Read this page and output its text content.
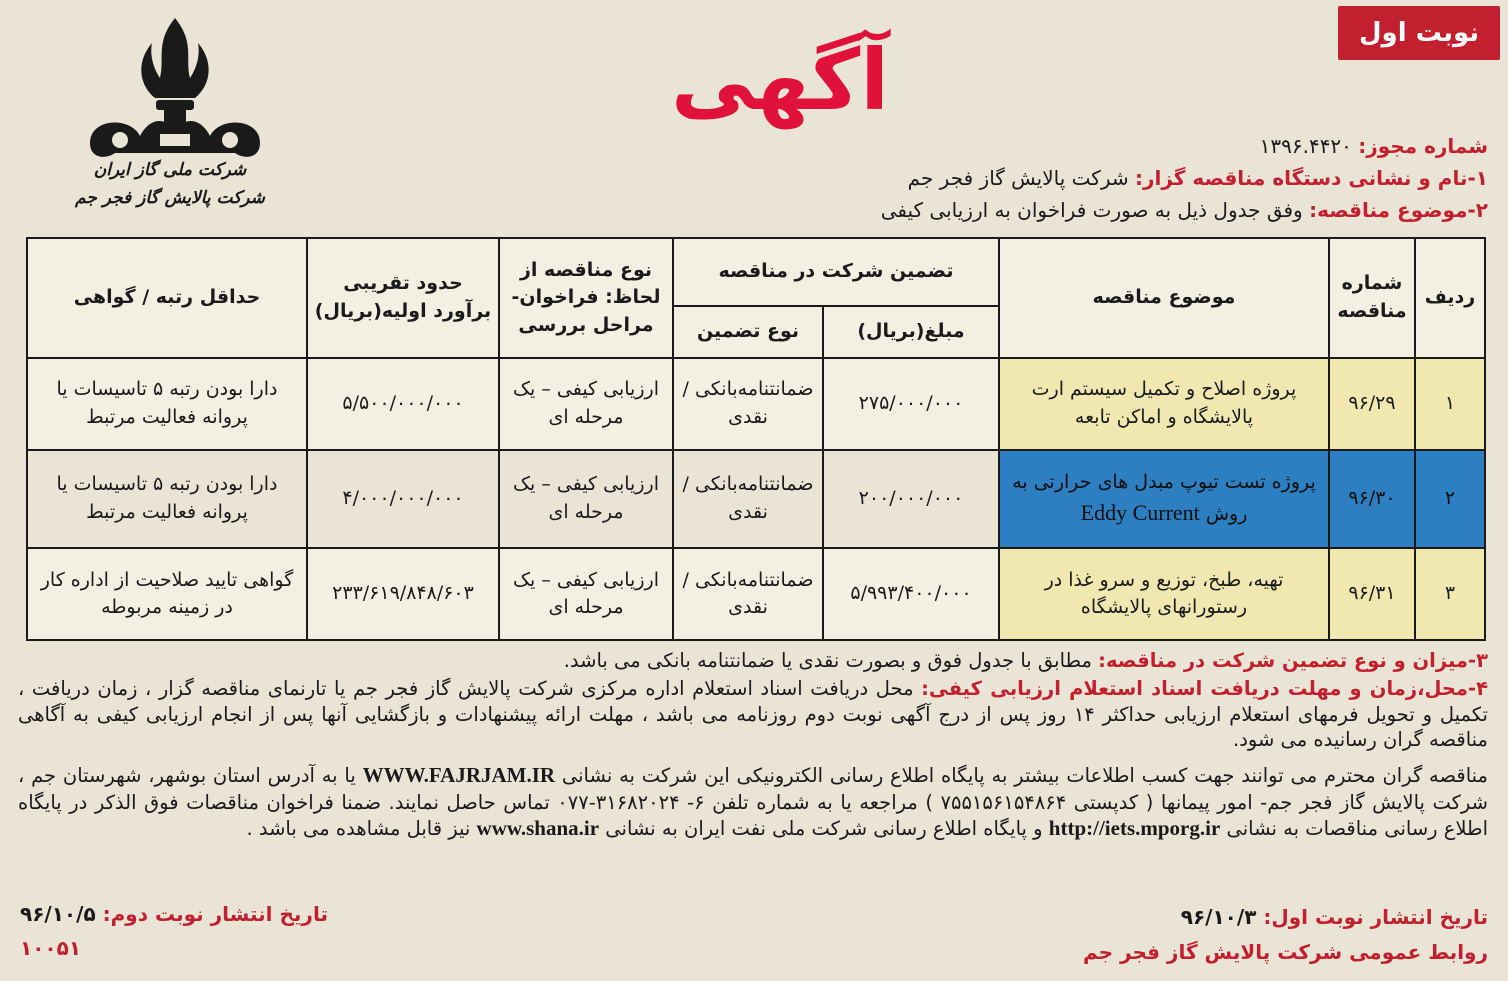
نوبت اول
آگهی
شرکت ملی گاز ایران
شرکت پالایش گاز فجر جم
شماره مجوز: ۱۳۹۶.۴۴۲۰
۱-نام و نشانی دستگاه مناقصه گزار: شرکت پالایش گاز فجر جم
۲-موضوع مناقصه: وفق جدول ذیل به صورت فراخوان به ارزیابی کیفی
ردیف	شماره مناقصه	موضوع مناقصه	تضمین شرکت در مناقصه		نوع مناقصه از لحاظ: فراخوان-مراحل بررسی	حدود تقریبی برآورد اولیه(بریال)	حداقل رتبه / گواهی
			مبلغ(بریال)	نوع تضمین			
۱	۹۶/۲۹	پروژه اصلاح و تکمیل سیستم ارت پالایشگاه و اماکن تابعه	۲۷۵/۰۰۰/۰۰۰	ضمانتنامه‌بانکی / نقدی	ارزیابی کیفی – یک مرحله ای	۵/۵۰۰/۰۰۰/۰۰۰	دارا بودن رتبه ۵ تاسیسات یا پروانه فعالیت مرتبط
۲	۹۶/۳۰	پروژه تست تیوپ مبدل های حرارتی به روش Eddy Current	۲۰۰/۰۰۰/۰۰۰	ضمانتنامه‌بانکی / نقدی	ارزیابی کیفی – یک مرحله ای	۴/۰۰۰/۰۰۰/۰۰۰	دارا بودن رتبه ۵ تاسیسات یا پروانه فعالیت مرتبط
۳	۹۶/۳۱	تهیه، طبخ، توزیع و سرو غذا در رستورانهای پالایشگاه	۵/۹۹۳/۴۰۰/۰۰۰	ضمانتنامه‌بانکی / نقدی	ارزیابی کیفی – یک مرحله ای	۲۳۳/۶۱۹/۸۴۸/۶۰۳	گواهی تایید صلاحیت از اداره کار در زمینه مربوطه
۳-میزان و نوع تضمین شرکت در مناقصه: مطابق با جدول فوق و بصورت نقدی یا ضمانتنامه بانکی می باشد.
۴-محل،زمان و مهلت دریافت اسناد استعلام ارزیابی کیفی: محل دریافت اسناد استعلام اداره مرکزی شرکت پالایش گاز فجر جم یا تارنمای مناقصه گزار ، زمان دریافت ، تکمیل و تحویل فرمهای استعلام ارزیابی حداکثر ۱۴ روز پس از درج آگهی نوبت دوم روزنامه می باشد ، مهلت ارائه پیشنهادات و بازگشایی آنها پس از انجام ارزیابی کیفی به آگاهی مناقصه گران رسانیده می شود.
مناقصه گران محترم می توانند جهت کسب اطلاعات بیشتر به پایگاه اطلاع رسانی الکترونیکی این شرکت به نشانی WWW.FAJRJAM.IR یا به آدرس استان بوشهر، شهرستان جم ، شرکت پالایش گاز فجر جم- امور پیمانها ( کدپستی ۷۵۵۱۵۶۱۵۴۸۶۴ ) مراجعه یا به شماره تلفن ۶- ۳۱۶۸۲۰۲۴-۰۷۷ تماس حاصل نمایند. ضمنا فراخوان مناقصات فوق الذکر در پایگاه اطلاع رسانی مناقصات به نشانی http://iets.mporg.ir و پایگاه اطلاع رسانی شرکت ملی نفت ایران به نشانی www.shana.ir نیز قابل مشاهده می باشد .
تاریخ انتشار نوبت اول: ۹۶/۱۰/۳
روابط عمومی شرکت پالایش گاز فجر جم
تاریخ انتشار نوبت دوم: ۹۶/۱۰/۵
۱۰۰۵۱
